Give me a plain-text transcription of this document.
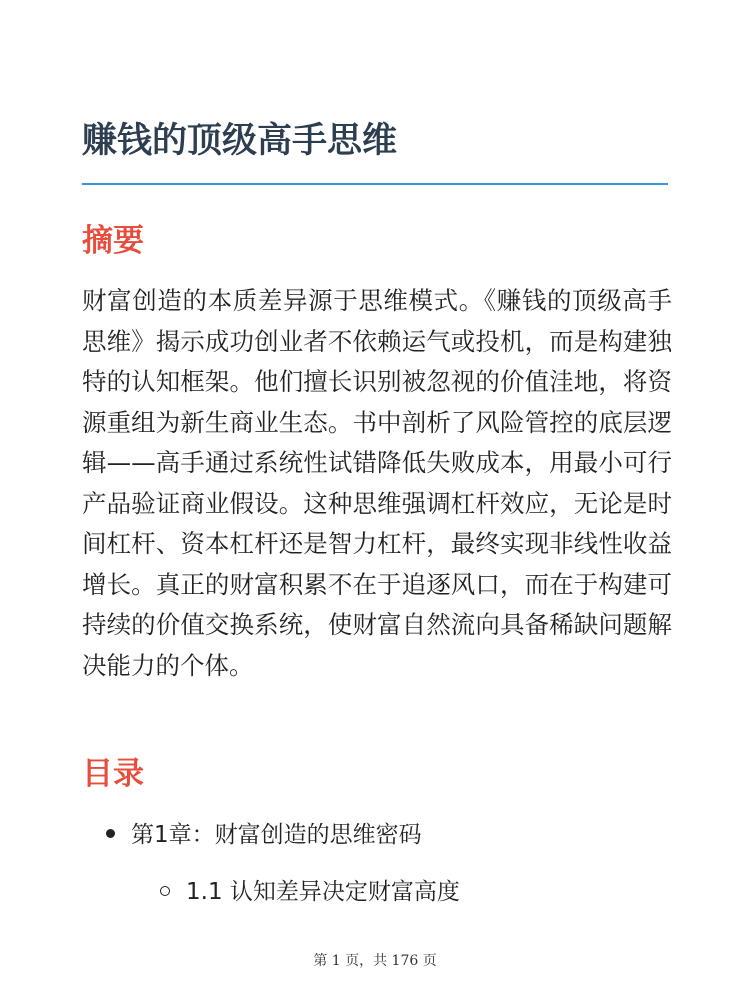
赚钱的顶级高手思维
摘要

财富创造的本质差异源于思维模式。《赚钱的顶级高手思维》揭示成功创业者不依赖运气或投机，而是构建独特的认知框架。他们擅长识别被忽视的价值洼地，将资源重组为新生商业生态。书中剖析了风险管控的底层逻辑——高手通过系统性试错降低失败成本，用最小可行产品验证商业假设。这种思维强调杠杆效应，无论是时间杠杆、资本杠杆还是智力杠杆，最终实现非线性收益增长。真正的财富积累不在于追逐风口，而在于构建可持续的价值交换系统，使财富自然流向具备稀缺问题解决能力的个体。

目录
第1章：财富创造的思维密码
1.1 认知差异决定财富高度
第 1 页，共 176 页
